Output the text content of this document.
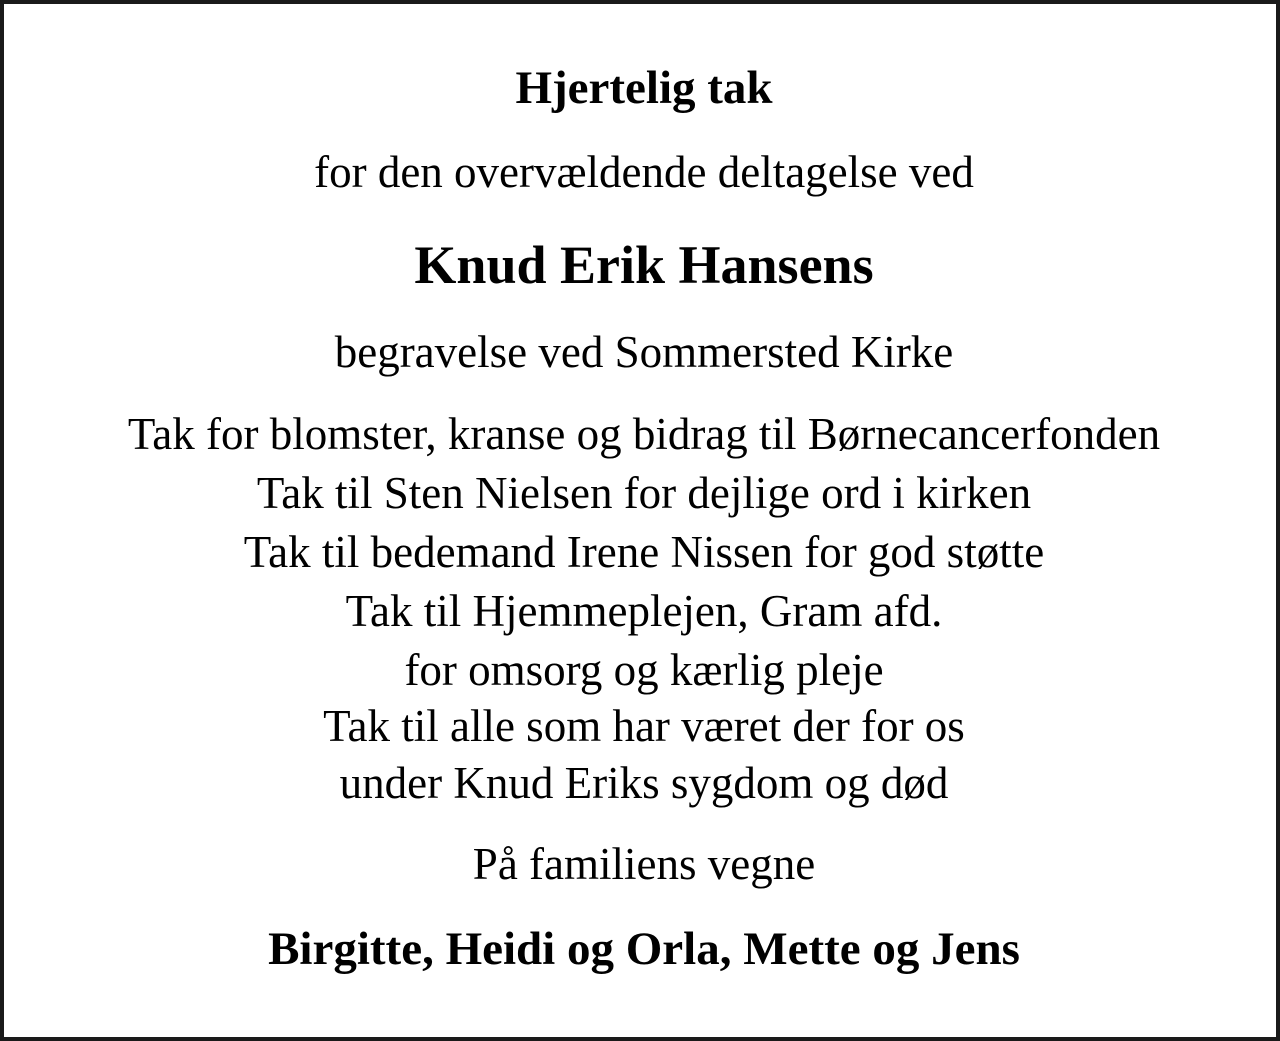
Hjertelig tak
for den overvældende deltagelse ved
Knud Erik Hansens
begravelse ved Sommersted Kirke
Tak for blomster, kranse og bidrag til Børnecancerfonden
Tak til Sten Nielsen for dejlige ord i kirken
Tak til bedemand Irene Nissen for god støtte
Tak til Hjemmeplejen, Gram afd.
for omsorg og kærlig pleje
Tak til alle som har været der for os
under Knud Eriks sygdom og død
På familiens vegne
Birgitte, Heidi og Orla, Mette og Jens
